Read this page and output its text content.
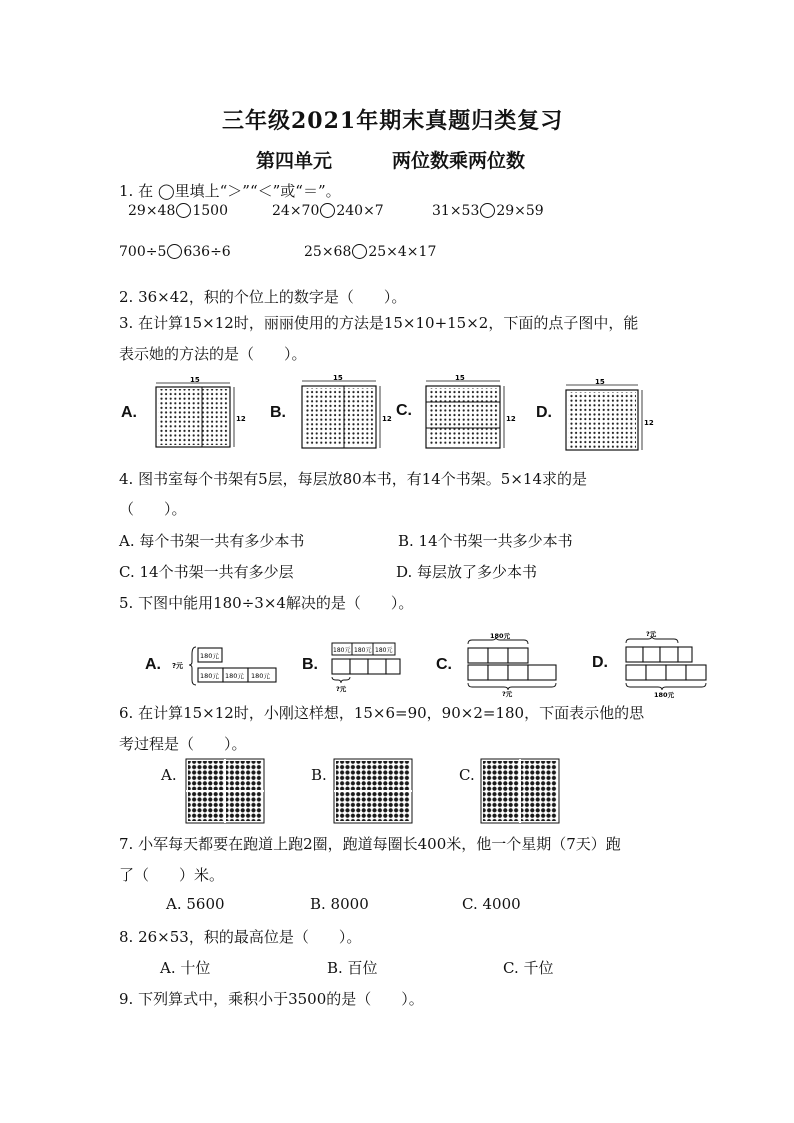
三年级2021年期末真题归类复习
第四单元	两位数乘两位数
1. 在 ◯里填上“＞”“＜”或“＝”。
29×48 1500	24×70 240×7	31×53 29×59
700÷5 636÷6	25×68 25×4×17
2. 36×42，积的个位上的数字是（　　）。
3. 在计算15×12时，丽丽使用的方法是15×10+15×2，下面的点子图中，能
表示她的方法的是（　　）。
A.	B.	C.	D.
15
12
15
12
15
12
15
12
4. 图书室每个书架有5层，每层放80本书，有14个书架。5×14求的是
（　　）。
A. 每个书架一共有多少本书	B. 14个书架一共多少本书
C. 14个书架一共有多少层	D. 每层放了多少本书
5. 下图中能用180÷3×4解决的是（　　）。
A.	B.	C.	D.
?元
180元
180元 180元 180元
180元 180元 180元
?元
180元
?元
?元
180元
6. 在计算15×12时，小刚这样想，15×6=90，90×2=180，下面表示他的思
考过程是（　　）。
A.	B.	C.
7. 小军每天都要在跑道上跑2圈，跑道每圈长400米，他一个星期（7天）跑
了（　　）米。
A. 5600	B. 8000	C. 4000
8. 26×53，积的最高位是（　　）。
A. 十位	B. 百位	C. 千位
9. 下列算式中，乘积小于3500的是（　　）。
